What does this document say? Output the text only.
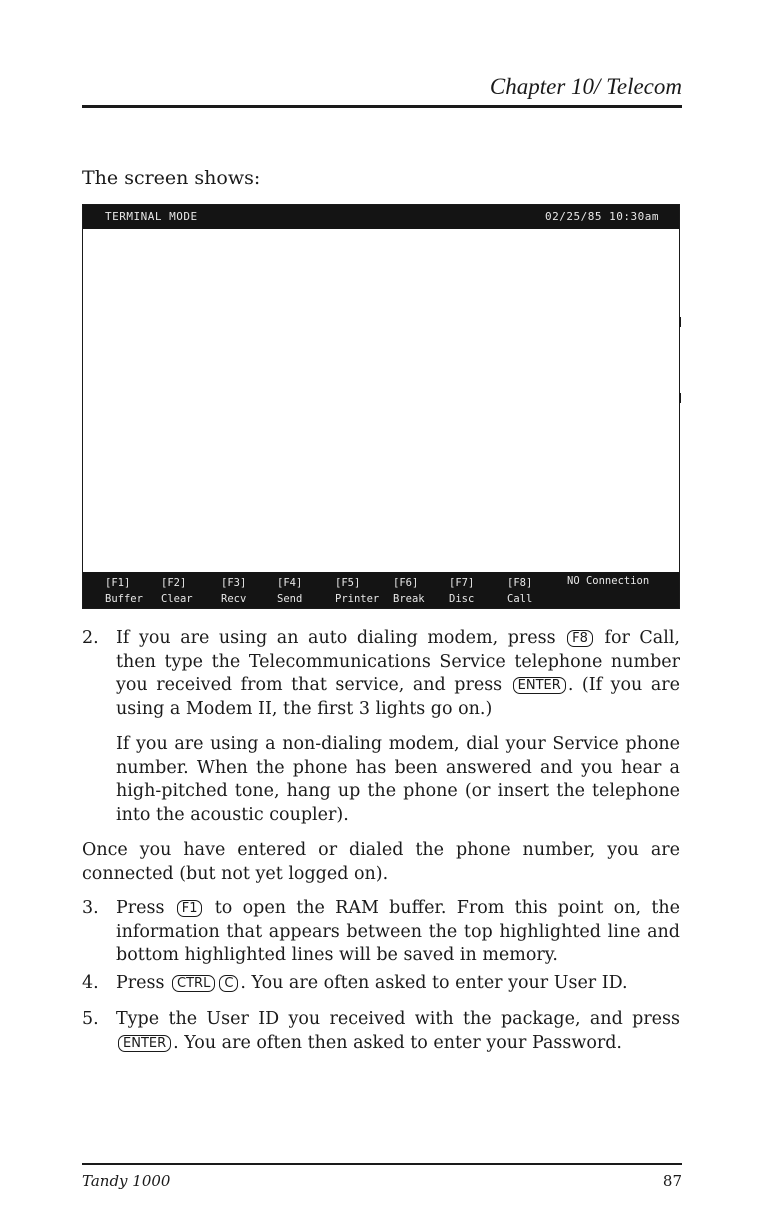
Chapter 10/ Telecom
The screen shows:
TERMINAL MODE	02/25/85 10:30am
[F1]
Buffer
[F2]
Clear
[F3]
Recv
[F4]
Send
[F5]
Printer
[F6]
Break
[F7]
Disc
[F8]
Call
NO Connection
2. If you are using an auto dialing modem, press F8 for Call, then type the Telecommunications Service telephone number you received from that service, and press ENTER . (If you are using a Modem II, the first 3 lights go on.)
If you are using a non-dialing modem, dial your Service phone number. When the phone has been answered and you hear a high-pitched tone, hang up the phone (or insert the telephone into the acoustic coupler).
Once you have entered or dialed the phone number, you are connected (but not yet logged on).
3. Press F1 to open the RAM buffer. From this point on, the information that appears between the top highlighted line and bottom highlighted lines will be saved in memory.
4. Press CTRL C . You are often asked to enter your User ID.
5. Type the User ID you received with the package, and press ENTER . You are often then asked to enter your Password.
Tandy 1000	87
